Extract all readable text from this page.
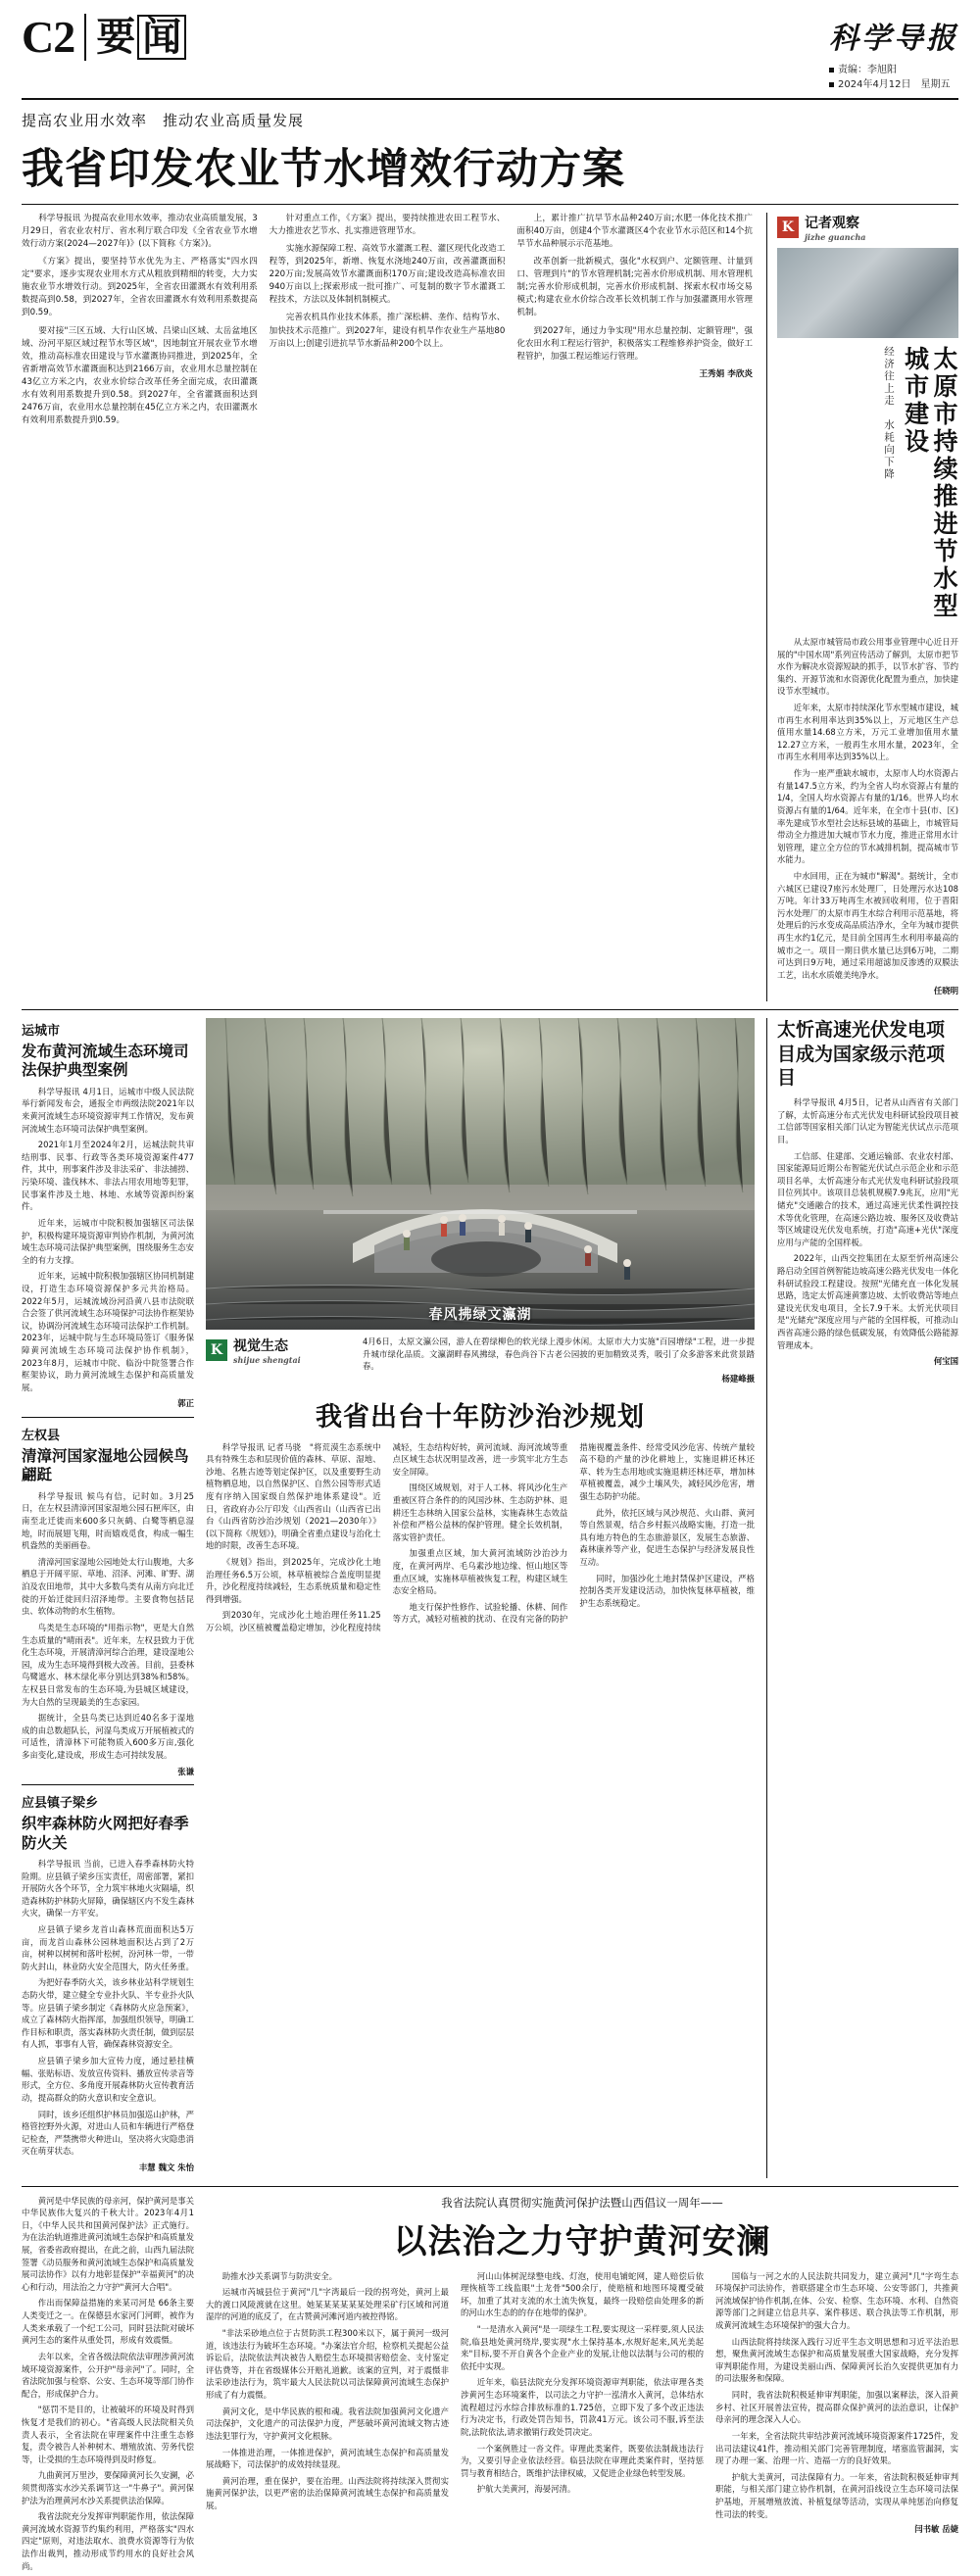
C2 要 闻	科学导报
责编：李旭阳
2024年4月12日　星期五
提高农业用水效率　推动农业高质量发展
我省印发农业节水增效行动方案

科学导报讯 为提高农业用水效率，推动农业高质量发展，3月29日，省农业农村厅、省水利厅联合印发《全省农业节水增效行动方案(2024—2027年)》(以下简称《方案》)。

《方案》提出，要坚持节水优先为主、严格落实"四水四定"要求，逐步实现农业用水方式从粗放到精细的转变，大力实施农业节水增效行动。到2025年，全省农田灌溉水有效利用系数提高到0.58，到2027年，全省农田灌溉水有效利用系数提高到0.59。

要对接"三区五域、大行山区域、吕梁山区域、太岳盆地区域、汾河平原区域过程节水等区域"，因地制宜开展农业节水增效，推动高标准农田建设与节水灌溉协同推进，到2025年，全省新增高效节水灌溉面积达到2166万亩，农业用水总量控制在43亿立方米之内，农业水价综合改革任务全面完成，农田灌溉水有效利用系数提升到0.58。到2027年，全省灌溉面积达到2476万亩，农业用水总量控制在45亿立方米之内，农田灌溉水有效利用系数提升到0.59。

针对重点工作，《方案》提出，要持续推进农田工程节水、大力推进农艺节水、扎实推进管理节水。

实施水源保障工程、高效节水灌溉工程、灌区现代化改造工程等，到2025年，新增、恢复水浇地240万亩，改善灌溉面积220万亩;发展高效节水灌溉面积170万亩;建设改造高标准农田940万亩以上;探索形成一批可推广、可复制的数字节水灌溉工程技术，方法以及体制机制模式。

完善农机具作业技术体系，推广深松耕、垄作、结构节水、加快技术示范推广。到2027年，建设有机旱作农业生产基地80万亩以上;创建引进抗旱节水新品种200个以上。

上，累计推广抗旱节水品种240万亩;水肥一体化技术推广面积40万亩，创建4个节水灌溉区4个农业节水示范区和14个抗旱节水品种展示示范基地。

改革创新一批新模式，强化"水权到户、定额管理、计量到口、管理到片"的节水管理机制;完善水价形成机制、用水管理机制;完善水价形成机制，完善水价形成机制、探索水权市场交易模式;构建农业水价综合改革长效机制工作与加强灌溉用水管理机制。

到2027年，通过力争实现"用水总量控制、定额管理"，强化农田水利工程运行管护，积极落实工程维修养护资金，做好工程管护，加强工程运维运行管理。

王秀娟 李欣炎

K 记者观察
jizhe guancha
太原市持续推进节水型城市建设
经济往上走　水耗向下降

从太原市城管局市政公用事业管理中心近日开展的"中国水周"系列宣传活动了解到，太原市把节水作为解决水资源短缺的抓手，以节水扩容、节约集约、开源节流和水资源优化配置为重点，加快建设节水型城市。

近年来，太原市持续深化节水型城市建设，城市再生水利用率达到35%以上，万元地区生产总值用水量14.68立方米，万元工业增加值用水量12.27立方米，一般再生水用水量，2023年，全市再生水利用率达到35%以上。

作为一座严重缺水城市，太原市人均水资源占有量147.5立方米，约为全省人均水资源占有量的1/4，全国人均水资源占有量的1/16。世界人均水资源占有量的1/64。近年来，在全市十县(市、区)率先建成节水型社会达标县域的基础上，市城管局带动全力推进加大城市节水力度，推进正常用水计划管理，建立全方位的节水减排机制，提高城市节水能力。

中水回用，正在为城市"解渴"。据统计，全市六城区已建设7座污水处理厂，日处理污水达108万吨。年计33万吨再生水被回收利用，位于晋阳污水处理厂的太原市再生水综合利用示范基地，将处理后的污水变成高品质洁净水，全年为城市提供再生水约1亿元，是目前全国再生水利用率最高的城市之一。项目一期日供水量已达到6万吨，二期可达到日9万吨，通过采用超滤加反渗透的双膜法工艺，出水水质媲美纯净水。

任晓明

运城市
发布黄河流域生态环境司法保护典型案例

科学导报讯 4月1日，运城市中级人民法院举行新闻发布会，通报全市两级法院2021年以来黄河流域生态环境资源审判工作情况，发布黄河流域生态环境司法保护典型案例。

2021年1月至2024年2月，运城法院共审结刑事、民事、行政等各类环境资源案件477件，其中，刑事案件涉及非法采矿、非法捕捞、污染环境、滥伐林木、非法占用农用地等犯罪，民事案件涉及土地、林地、水域等资源纠纷案件。

近年来，运城市中院积极加强辖区司法保护，积极构建环境资源审判协作机制，为黄河流域生态环境司法保护典型案例，围绕服务生态安全的有力支撑。

近年来，运城中院积极加强辖区协同机制建设，打造生态环境资源保护多元共治格局。2022年5月，运城流域汾河沿黄八县市法院联合会签了供河流域生态环境保护司法协作框架协议，协调汾河流域生态环境司法保护工作机制。2023年，运城中院与生态环境局签订《服务保障黄河流域生态环境司法保护协作机制》，2023年8月，运城市中院、临汾中院签署合作框架协议，助力黄河流域生态保护和高质量发展。

郭正

左权县
清漳河国家湿地公园候鸟翩跹

科学导报讯 候鸟有信，记时如。3月25日，在左权县清漳河国家湿地公园石匣库区，由南至北迁徙而来600多只灰鹤、白鹭等栖息湿地，时而展翅飞翔，时而嬉戏觅食，构成一幅生机盎然的美丽画卷。

清漳河国家湿地公园地处太行山腹地，大多栖息于开阔平原、草地、沼泽、河滩、旷野、湖泊及农田地带，其中大多数鸟类有从南方向北迁徙的开始迁徙回归沼泽地带。主要食物包括昆虫、软体动物的水生植物。

鸟类是生态环境的"用指示物"，更是大自然生态质量的"晴雨表"。近年来，左权县致力于优化生态环境，开展清漳河综合治理，建设湿地公园，成为生态环境得到极大改善。目前，县委林鸟鹭遮水、林木绿化率分别达到38%和58%。左权县日常发布的生态环境,为县城区域建设，为大自然的呈现最美的生态家园。

据统计，全县鸟类已达到近40名多于湿地成的由总数超队长，河湿鸟类成万开展植被式的可适性，清漳林下可能物质入600多万亩,强化多亩变化,建设成，形成生态可持续发展。

张谦

应县镇子梁乡
织牢森林防火网把好春季防火关

科学导报讯 当前，已进入春季森林防火特险期。应县镇子梁乡压实责任，周密部署，紧扣开展防火各个环节，全力筑牢林地火灾隔墙，织造森林防护林防火屏障，确保辖区内不发生森林火灾，确保一方平安。

应县镇子梁乡龙首山森林荒面面积达5万亩，而龙首山森林公园林地面积达占到了2万亩，树种以树树和落叶松树，汾河林一带，一带防火封山，林业防火安全范围大，防火任务重。

为把好春季防火关，该乡林业站科学规划生态防火带，建立健全专业扑火队、半专业扑火队等。应县镇子梁乡制定《森林防火应急预案》，成立了森林防火指挥部，加强组织领导，明确工作目标和职责，落实森林防火责任制，做到层层有人抓，事事有人管，确保森林资源安全。

应县镇子梁乡加大宣传力度，通过悬挂横幅、张贴标语、发放宣传资料、播放宣传录音等形式，全方位、多角度开展森林防火宣传教育活动，提高群众的防火意识和安全意识。

同时，该乡还组织护林员加强巡山护林，严格管控野外火源，对进山人员和车辆进行严格登记检查，严禁携带火种进山，坚决将火灾隐患消灭在萌芽状态。

丰慧 魏文 朱怡

春风拂绿文瀛湖
K 视觉生态
shijue shengtai
4月6日，太原文瀛公园，游人在碧绿柳色的软光绿上漫步休闲。太原市大力实施"百园增绿"工程，进一步提升城市绿化品质。文瀛湖畔春风拂绿，春色尚谷下古老公园披的更加精致灵秀，吸引了众多游客来此赏景踏春。
杨建峰摄
我省出台十年防沙治沙规划

科学导报讯 记者马骁　"将荒漠生态系统中具有特殊生态和层现价值的森林、草原、湿地、沙地、名胜古迹等划定保护区，以及重要野生动植物栖息地，以自然保护区、自然公园等形式适度有序纳入国家级自然保护地体系建设"。近日，省政府办公厅印发《山西省山（山西省已出台《山西省防沙治沙规划（2021—2030年）》(以下简称《规划》)，明确全省重点建设与治化土地的时限，改善生态环境。

《规划》指出，到2025年，完成沙化土地治理任务6.5万公顷，林草植被综合盖度明显提升，沙化程度持续减轻，生态系统质量和稳定性得到增强。

到2030年，完成沙化土地治理任务11.25万公顷，沙区植被覆盖稳定增加，沙化程度持续减轻，生态结构好转，黄河流域、海河流域等重点区域生态状况明显改善，进一步筑牢北方生态安全屏障。

围绕区域规划，对于人工林、将风沙化生产重被区符合条件的的风国沙林、生态防护林、退耕还生态林纳入国家公益林，实施森林生态效益补偿和严格公益林的保护管理。健全长效机制，落实管护责任。

加强重点区域，加大黄河流域防沙治沙力度，在黄河两岸、毛乌素沙地边缘、恒山地区等重点区域，实施林草植被恢复工程，构建区域生态安全格局。

地支行保护性修作、试验轮播、休耕、间作等方式，减轻对植被的扰动、在没有完备的防护措施视覆盖条件、经常受风沙危害、传统产量较高不稳的产量的沙化耕地上，实施退耕还林还草、转为生态用地或实施退耕还林还草，增加林草植被覆盖，减少土壤风失，减轻风沙危害，增强生态防护功能。

此外，依托区域与风沙规范、火山群、黄河等自然景观，结合乡村振兴战略实施，打造一批具有地方特色的生态旅游景区，发展生态旅游、森林康养等产业，促进生态保护与经济发展良性互动。

同时，加强沙化土地封禁保护区建设，严格控制各类开发建设活动，加快恢复林草植被，维护生态系统稳定。

太忻高速光伏发电项目成为国家级示范项目

科学导报讯 4月5日，记者从山西省有关部门了解，太忻高速分布式光伏发电科研试验段项目被工信部等国家相关部门认定为智能光伏试点示范项目。

工信部、住建部、交通运输部、农业农村部、国家能源局近期公布智能光伏试点示范企业和示范项目名单，太忻高速分布式光伏发电科研试验段项目位列其中。该项目总装机规模7.9兆瓦，应用"光储充"交通融合的技术，通过高速光伏柔性调控技术等优化管理，在高速公路边坡、服务区及收费站等区域建设光伏发电系统，打造"高速+光伏"深度应用与产能的全国样板。

2022年，山西交控集团在太原至忻州高速公路启动全国首例智能边坡高速公路光伏发电一体化科研试验段工程建设。按照"光储充直一体化发展思路，选定太忻高速黄寨边坡、太忻收费站等地点建设光伏发电项目，全长7.9千米。太忻光伏项目是"光储充"深度应用与产能的全国样板，可推动山西省高速公路的绿色低碳发展，有效降低公路能源管理成本。

何宝国

黄河是中华民族的母亲河，保护黄河是事关中华民族伟大复兴的千秋大计。2023年4月1日，《中华人民共和国黄河保护法》正式施行。为在法治轨道推进黄河流域生态保护和高质量发展，省委省政府提出，在此之前，山西九届法院签署《动员服务和黄河流域生态保护和高质量发展司法协作》以有力地彰显保护"幸福黄河"的决心和行动，用法治之力守护"黄河大合唱"。

作出而保障益措施的来某司河是 66条主要人类变迁之一。在保德县水家河门河畔，被作为人类来承载了一个纪工公司，同时县法院对破坏黄河生态的案件从重处罚，形成有效震慑。

去年以来，全省各级法院依法审理涉黄河流域环境资源案件，公开护"母亲河"了。同时，全省法院加强与检察、公安、生态环境等部门协作配合，形成保护合力。

"惩罚不是目的，让被破坏的环境及时得到恢复才是我们的初心。"省高级人民法院相关负责人表示，全省法院在审理案件中注重生态修复，责令被告人补种树木、增殖放流、劳务代偿等，让受损的生态环境得到及时修复。

九曲黄河万里沙，要保障黄河长久安澜，必须贯彻落实水沙关系调节这一"牛鼻子"。黄河保护法为治理黄河水沙关系提供法治保障。

我省法院充分发挥审判职能作用，依法保障黄河流域水资源节约集约利用，严格落实"四水四定"原则，对违法取水、浪费水资源等行为依法作出裁判，推动形成节约用水的良好社会风尚。

我省法院认真贯彻实施黄河保护法暨山西倡议一周年——
以法治之力守护黄河安澜

助推水沙关系调节与防洪安全。

运城市芮城县位于黄河"几"字湾最后一段的拐弯处，黄河上最大的渡口风陵渡就在这里。她某某某某某某处理采矿行区域和河道湿岸的河道的底反了，在古赞黄河滩河道内被控得铭。

"非法采砂地点位于古贤防洪工程300米以下，属于黄河一级河道，该违法行为破坏生态环境。"办案法官介绍，检察机关提起公益诉讼后，法院依法判决被告人赔偿生态环境损害赔偿金、支付鉴定评估费等，并在省级媒体公开赔礼道歉。该案的宣判，对于震慑非法采砂违法行为，筑牢最大人民法院以司法保障黄河流域生态保护形成了有力震慑。

黄河文化，是中华民族的根和魂。我省法院加强黄河文化遗产司法保护，文化遗产的司法保护力度，严惩破坏黄河流域文物古迹违法犯罪行为，守护黄河文化根脉。

一体推进治理，一体推进保护，黄河流域生态保护和高质量发展战略下，司法保护的成效持续显现。

黄河治理，重在保护，要在治理。山西法院将持续深入贯彻实施黄河保护法，以更严密的法治保障黄河流域生态保护和高质量发展。

河山山体树泥绿整电线、灯泡，使用电铺蛇网，建人赔偿后依理恢植等工线监眼"土龙骨"500余厅，使赔植和地图环境覆受破坏，加重了其对支流的水土流失恢复，最终一段赔偿由处理多的新的河山水生态的的存在地带的保护。

"一是清水入黄河"是一项绿生工程,要实现这一采样要,须人民法院,临县地处黄河绕岸,要实现"水土保持基本,水规好起来,风光美起来"目标,要不开自黄各个企业产业的发展,让他以法制与公司的根的依托中实现。

近年来，临县法院充分发挥环境资源审判职能，依法审理各类涉黄河生态环境案件，以司法之力守护一泓清水入黄河，总体结水流程超过污水综合排放标准的1.725倍，立即下发了多个改正违法行为决定书，行政处罚告知书，罚款41万元。该公司不服,诉至法院,法院依法,请求撤销行政处罚决定。

一个案例胜过一沓文件。审理此类案件，既要依法制裁违法行为，又要引导企业依法经营。临县法院在审理此类案件时，坚持惩罚与教育相结合，既维护法律权威，又促进企业绿色转型发展。

护航大美黄河，海晏河清。

国临与一河之水的人民法院共同发力，建立黄河"几"字弯生态环境保护司法协作，普联搭建全市生态环境、公安等部门，共推黄河流域保护协作机制,在体、公安、检察、生态环境、水利、自然资源等部门之间建立信息共享、案件移送、联合执法等工作机制，形成黄河流域生态环境保护的强大合力。

山西法院将持续深入践行习近平生态文明思想和习近平法治思想，聚焦黄河流域生态保护和高质量发展重大国家战略，充分发挥审判职能作用，为建设美丽山西、保障黄河长治久安提供更加有力的司法服务和保障。

同时，我省法院积极延伸审判职能，加强以案释法，深入沿黄乡村、社区开展普法宣传，提高群众保护黄河的法治意识，让保护母亲河的理念深入人心。

一年来，全省法院共审结涉黄河流域环境资源案件1725件，发出司法建议41件，推动相关部门完善管理制度，堵塞监管漏洞，实现了办理一案、治理一片、造福一方的良好效果。

护航大美黄河，司法保障有力。一年来，省法院积极延伸审判职能，与相关部门建立协作机制，在黄河沿线设立生态环境司法保护基地，开展增殖放流、补植复绿等活动，实现从单纯惩治向修复性司法的转变。

闫书敏 岳婕
